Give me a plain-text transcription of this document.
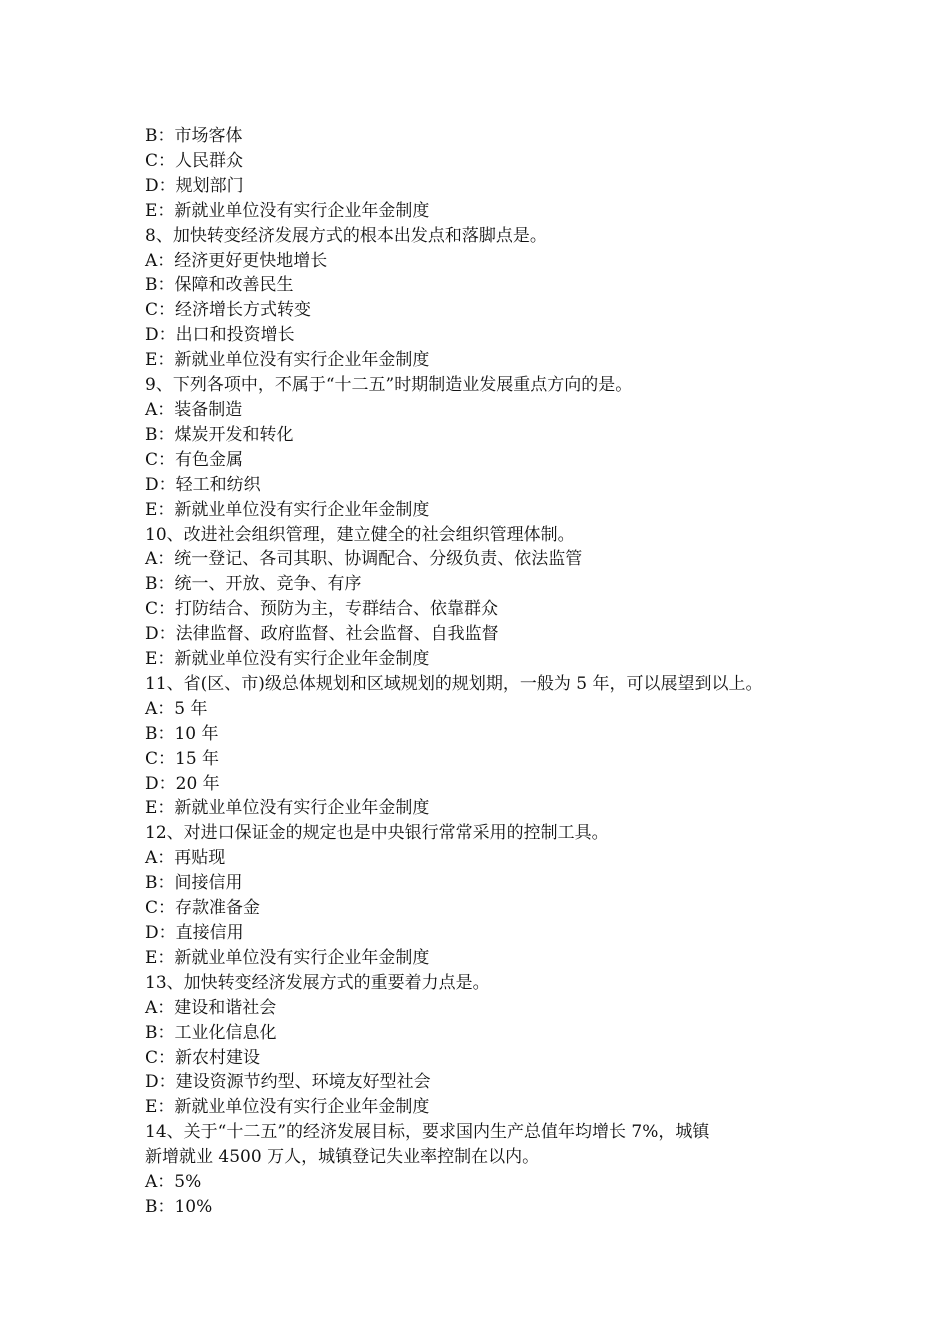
B：市场客体

C：人民群众

D：规划部门

E：新就业单位没有实行企业年金制度

8、加快转变经济发展方式的根本出发点和落脚点是。

A：经济更好更快地增长

B：保障和改善民生

C：经济增长方式转变

D：出口和投资增长

E：新就业单位没有实行企业年金制度

9、下列各项中，不属于“十二五”时期制造业发展重点方向的是。

A：装备制造

B：煤炭开发和转化

C：有色金属

D：轻工和纺织

E：新就业单位没有实行企业年金制度

10、改进社会组织管理，建立健全的社会组织管理体制。

A：统一登记、各司其职、协调配合、分级负责、依法监管

B：统一、开放、竞争、有序

C：打防结合、预防为主，专群结合、依靠群众

D：法律监督、政府监督、社会监督、自我监督

E：新就业单位没有实行企业年金制度

11、省(区、市)级总体规划和区域规划的规划期，一般为 5 年，可以展望到以上。

A：5 年

B：10 年

C：15 年

D：20 年

E：新就业单位没有实行企业年金制度

12、对进口保证金的规定也是中央银行常常采用的控制工具。

A：再贴现

B：间接信用

C：存款准备金

D：直接信用

E：新就业单位没有实行企业年金制度

13、加快转变经济发展方式的重要着力点是。

A：建设和谐社会

B：工业化信息化

C：新农村建设

D：建设资源节约型、环境友好型社会

E：新就业单位没有实行企业年金制度

14、关于“十二五”的经济发展目标，要求国内生产总值年均增长 7%，城镇

新增就业 4500 万人，城镇登记失业率控制在以内。

A：5%

B：10%
